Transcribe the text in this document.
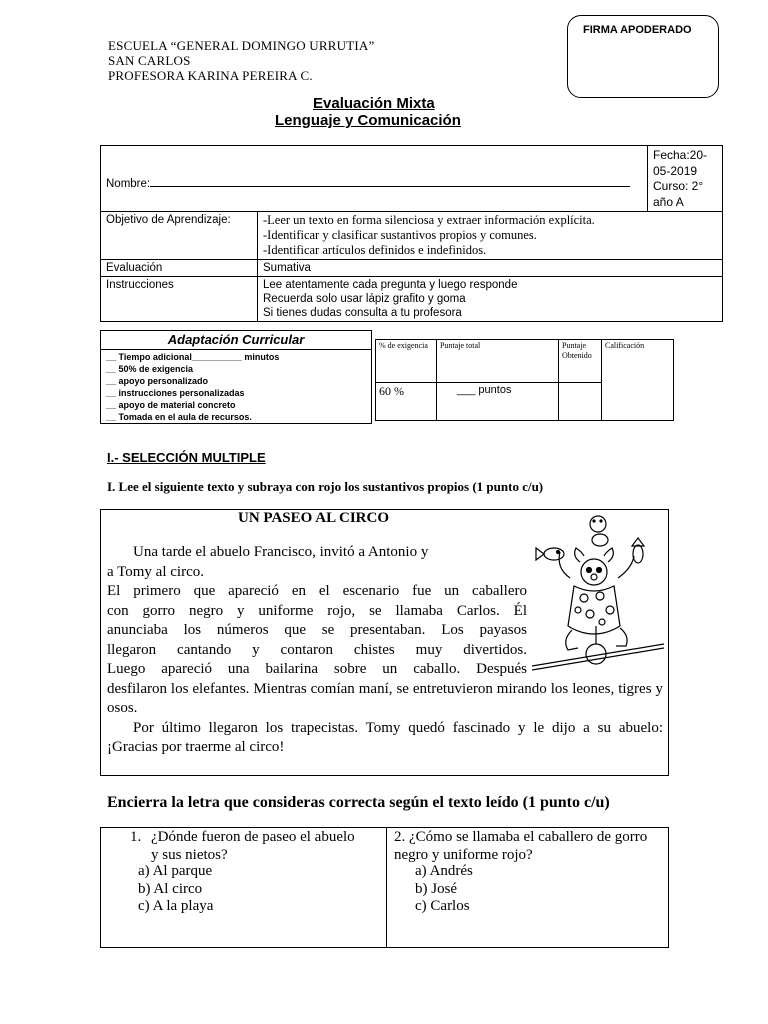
FIRMA APODERADO
ESCUELA “GENERAL DOMINGO URRUTIA”
SAN CARLOS
PROFESORA KARINA PEREIRA C.
Evaluación Mixta
Lenguaje y Comunicación
Nombre:		Fecha:20-05-2019
Curso: 2° año A

Objetivo de Aprendizaje:	-Leer un texto en forma silenciosa y extraer información explícita.
-Identificar y clasificar sustantivos propios y comunes.
-Identificar artículos definidos e indefinidos.	

Evaluación	Sumativa	
Instrucciones	Lee atentamente cada pregunta y luego responde
Recuerda solo usar lápiz grafito y goma
Si tienes dudas consulta a tu profesora	
Adaptación Curricular
__ Tiempo adicional__________ minutos
__ 50% de exigencia
__ apoyo personalizado
__ instrucciones personalizadas
__ apoyo de material concreto
__ Tomada en el aula de recursos.
% de exigencia	Puntaje total	Puntaje Obtenido	Calificación
60 %	___ puntos		
I.- SELECCIÓN MULTIPLE
I. Lee el siguiente texto y subraya con rojo los sustantivos propios (1 punto c/u)
UN PASEO AL CIRCO
Una tarde el abuelo Francisco, invitó a Antonio y
a Tomy al circo.
El primero que apareció en el escenario fue un caballero
con gorro negro y uniforme rojo, se llamaba Carlos. Él
anunciaba los números que se presentaban. Los payasos
llegaron cantando y contaron chistes muy divertidos.
Luego apareció una bailarina sobre un caballo. Después
desfilaron los elefantes. Mientras comían maní, se entretuvieron mirando los leones, tigres y osos.
Por último llegaron los trapecistas. Tomy quedó fascinado y le dijo a su abuelo: ¡Gracias por traerme al circo!
Encierra la letra que consideras correcta según el texto leído (1 punto c/u)
1. ¿Dónde fueron de paseo el abuelo y sus nietos?
a) Al parque
b) Al circo
c) A la playa
2. ¿Cómo se llamaba el caballero de gorro negro y uniforme rojo?
a) Andrés
b) José
c) Carlos
